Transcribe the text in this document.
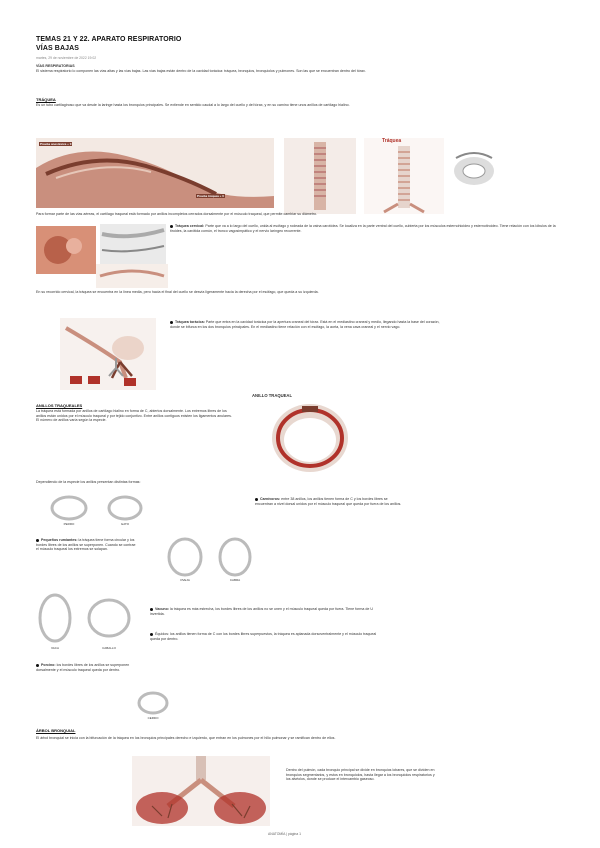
TEMAS 21 Y 22. APARATO RESPIRATORIO
VÍAS BAJAS
martes, 29 de noviembre de 2022 19:02
VÍAS RESPIRATORIAS
El sistema respiratorio lo componen las vías altas y las vías bajas. Las vías bajas están dentro de la cavidad torácica: tráquea, bronquios, bronquiolos y pulmones. Son las que se encuentran dentro del tórax.
TRÁQUEA
Es un tubo cartilaginoso que va desde la laringe hasta los bronquios principales. Se extiende en sentido caudal a lo largo del cuello y del tórax, y en su camino tiene unos anillos de cartílago hialino.
Prueba anestésica + 0
Prueba tráquea + 0
Tráquea
Para formar parte de las vías aéreas, el cartílago traqueal está formado por anillos incompletos cerrados dorsalmente por el músculo traqueal, que permite cambiar su diámetro.
Tráquea cervical: Parte que va a lo largo del cuello, unida al esófago y rodeada de la vaina carotídea. Se localiza en la parte ventral del cuello, cubierta por los músculos esternohioideo y esternotiroideo. Tiene relación con los lóbulos de la tiroides, la carótida común, el tronco vagosimpático y el nervio laríngeo recurrente.
En su recorrido cervical, la tráquea se encuentra en la línea media, pero hacia el final del cuello se desvía ligeramente hacia la derecha por el esófago, que queda a su izquierda.
Tráquea torácica: Parte que entra en la cavidad torácica por la apertura craneal del tórax. Está en el mediastino craneal y medio, llegando hasta la base del corazón, donde se bifurca en los dos bronquios principales. En el mediastino tiene relación con el esófago, la aorta, la vena cava craneal y el nervio vago.
ANILLOS TRAQUEALES
La tráquea está formada por anillos de cartílago hialino en forma de C, abiertos dorsalmente. Los extremos libres de los anillos están unidos por el músculo traqueal y por tejido conjuntivo. Entre anillos contiguos existen los ligamentos anulares. El número de anillos varía según la especie.
ANILLO TRAQUEAL
Dependiendo de la especie los anillos presentan distintas formas:
PERRO	GATO
Carnívoros: entre 38 anillos, los anillos tienen forma de C y los bordes libres se encuentran a nivel dorsal unidos por el músculo traqueal que queda por fuera de los anillos.
Pequeños rumiantes: la tráquea tiene forma circular y los bordes libres de los anillos se superponen. Cuando se contrae el músculo traqueal los extremos se solapan.
OVEJA	CABRA
VACA	CABALLO
Vacuno: la tráquea es más estrecha, los bordes libres de los anillos no se unen y el músculo traqueal queda por fuera. Tiene forma de U invertida.
Équidos: los anillos tienen forma de C con los bordes libres superpuestos, la tráquea es aplanada dorsoventralmente y el músculo traqueal queda por dentro.
Porcino: los bordes libres de los anillos se superponen dorsalmente y el músculo traqueal queda por dentro.
CERDO
ÁRBOL BRONQUIAL
El árbol bronquial se inicia con la bifurcación de la tráquea en los bronquios principales derecho e izquierdo, que entran en los pulmones por el hilio pulmonar y se ramifican dentro de ellos.
Dentro del pulmón, cada bronquio principal se divide en bronquios lobares, que se dividen en bronquios segmentarios, y estos en bronquiolos, hasta llegar a los bronquiolos respiratorios y los alvéolos, donde se produce el intercambio gaseoso.
ANATOMÍA | página 1
